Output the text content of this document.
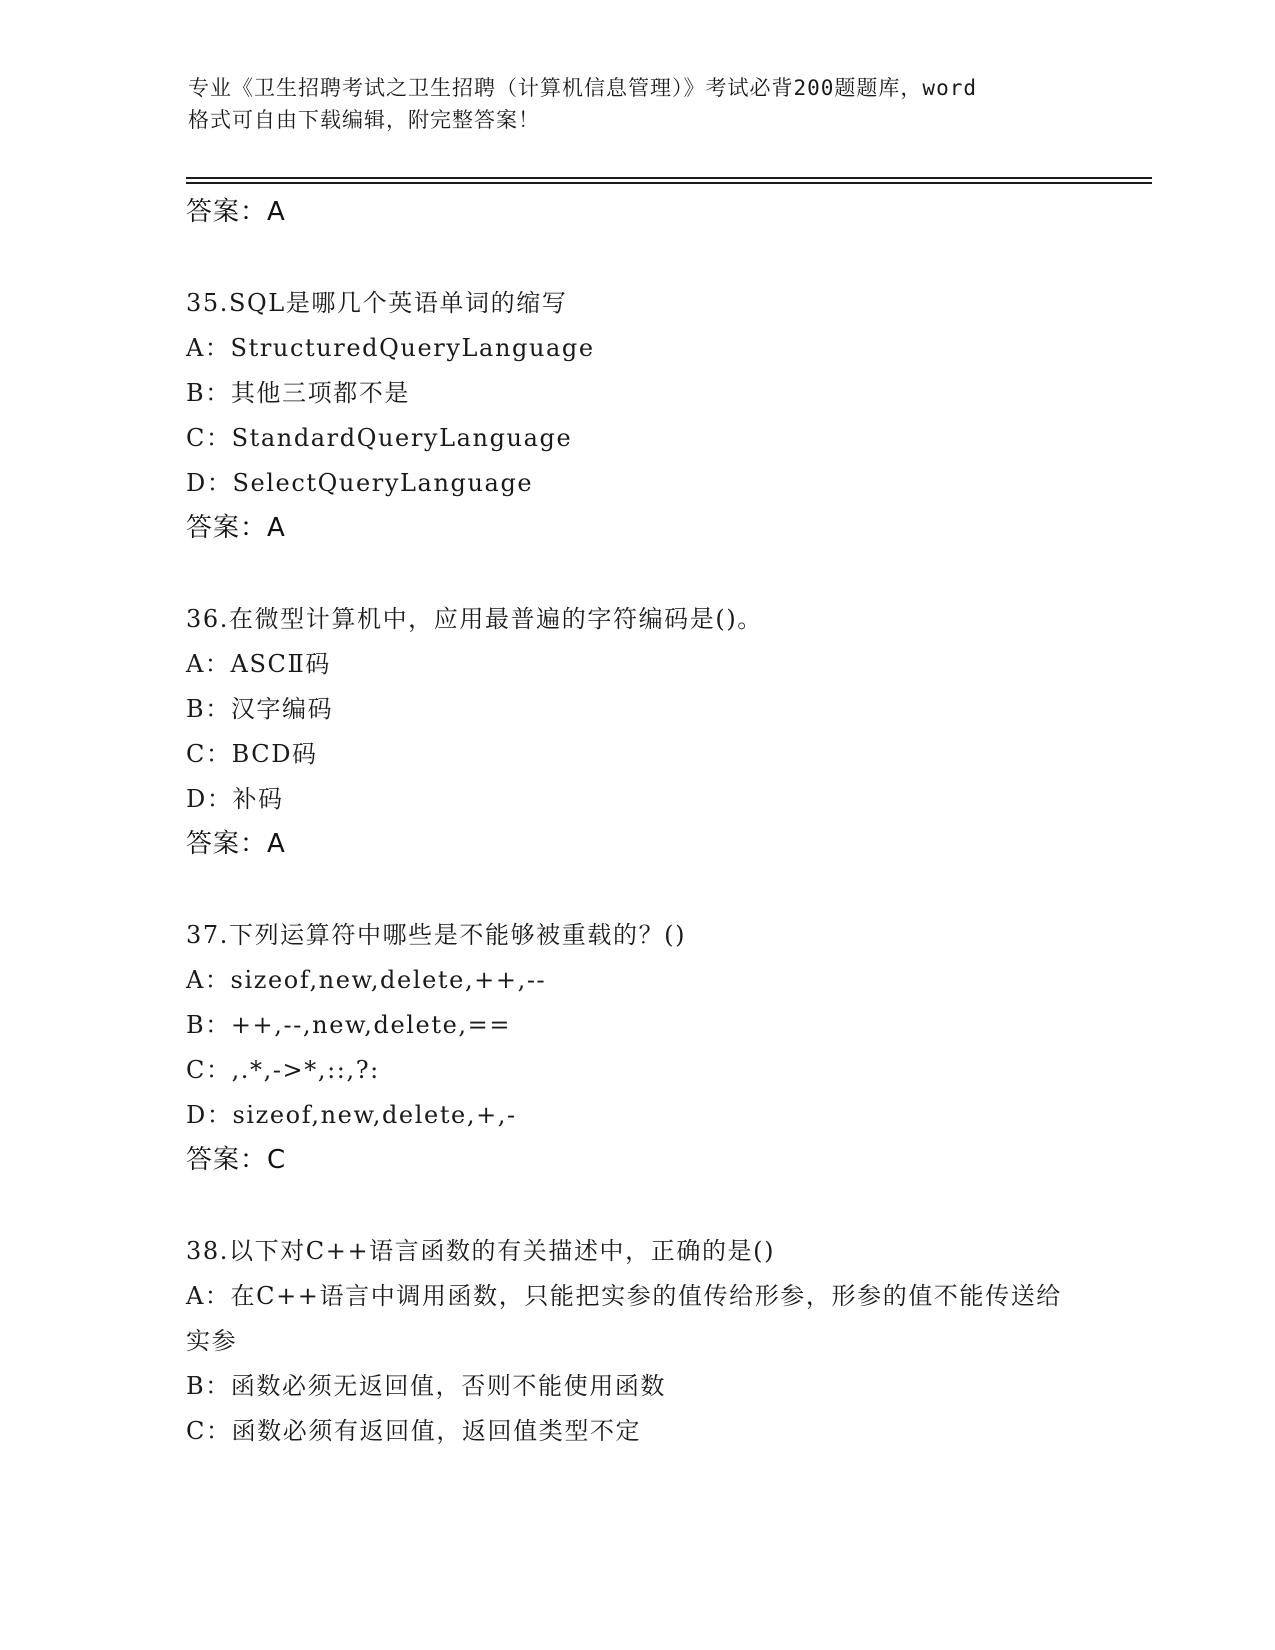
专业《卫生招聘考试之卫生招聘（计算机信息管理）》考试必背200题题库，word
格式可自由下载编辑，附完整答案！
答案：A
35.SQL是哪几个英语单词的缩写
A：StructuredQueryLanguage
B：其他三项都不是
C：StandardQueryLanguage
D：SelectQueryLanguage
答案：A
36.在微型计算机中，应用最普遍的字符编码是()。
A：ASCⅡ码
B：汉字编码
C：BCD码
D：补码
答案：A
37.下列运算符中哪些是不能够被重载的？()
A：sizeof,new,delete,++,--
B：++,--,new,delete,==
C：,.*,->*,::,?:
D：sizeof,new,delete,+,-
答案：C
38.以下对C++语言函数的有关描述中，正确的是()
A：在C++语言中调用函数，只能把实参的值传给形参，形参的值不能传送给实参
B：函数必须无返回值，否则不能使用函数
C：函数必须有返回值，返回值类型不定
